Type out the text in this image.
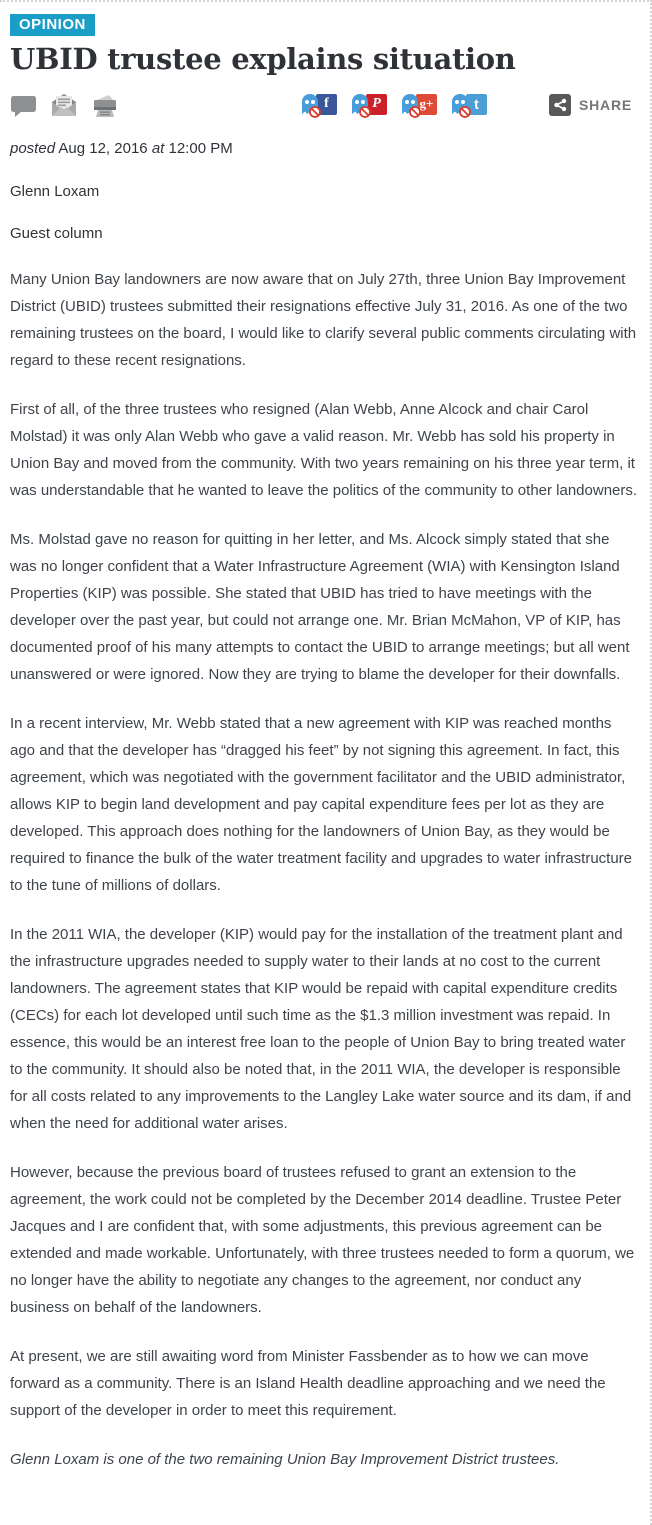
OPINION
UBID trustee explains situation
f	P	g+	t	SHARE

posted Aug 12, 2016 at 12:00 PM

Glenn Loxam

Guest column

Many Union Bay landowners are now aware that on July 27th, three Union Bay Improvement District (UBID) trustees submitted their resignations effective July 31, 2016. As one of the two remaining trustees on the board, I would like to clarify several public comments circulating with regard to these recent resignations.

First of all, of the three trustees who resigned (Alan Webb, Anne Alcock and chair Carol Molstad) it was only Alan Webb who gave a valid reason. Mr. Webb has sold his property in Union Bay and moved from the community. With two years remaining on his three year term, it was understandable that he wanted to leave the politics of the community to other landowners.

Ms. Molstad gave no reason for quitting in her letter, and Ms. Alcock simply stated that she was no longer confident that a Water Infrastructure Agreement (WIA) with Kensington Island Properties (KIP) was possible. She stated that UBID has tried to have meetings with the developer over the past year, but could not arrange one. Mr. Brian McMahon, VP of KIP, has documented proof of his many attempts to contact the UBID to arrange meetings; but all went unanswered or were ignored. Now they are trying to blame the developer for their downfalls.

In a recent interview, Mr. Webb stated that a new agreement with KIP was reached months ago and that the developer has “dragged his feet” by not signing this agreement. In fact, this agreement, which was negotiated with the government facilitator and the UBID administrator, allows KIP to begin land development and pay capital expenditure fees per lot as they are developed. This approach does nothing for the landowners of Union Bay, as they would be required to finance the bulk of the water treatment facility and upgrades to water infrastructure to the tune of millions of dollars.

In the 2011 WIA, the developer (KIP) would pay for the installation of the treatment plant and the infrastructure upgrades needed to supply water to their lands at no cost to the current landowners. The agreement states that KIP would be repaid with capital expenditure credits (CECs) for each lot developed until such time as the $1.3 million investment was repaid. In essence, this would be an interest free loan to the people of Union Bay to bring treated water to the community. It should also be noted that, in the 2011 WIA, the developer is responsible for all costs related to any improvements to the Langley Lake water source and its dam, if and when the need for additional water arises.

However, because the previous board of trustees refused to grant an extension to the agreement, the work could not be completed by the December 2014 deadline. Trustee Peter Jacques and I are confident that, with some adjustments, this previous agreement can be extended and made workable. Unfortunately, with three trustees needed to form a quorum, we no longer have the ability to negotiate any changes to the agreement, nor conduct any business on behalf of the landowners.

At present, we are still awaiting word from Minister Fassbender as to how we can move forward as a community. There is an Island Health deadline approaching and we need the support of the developer in order to meet this requirement.

Glenn Loxam is one of the two remaining Union Bay Improvement District trustees.
